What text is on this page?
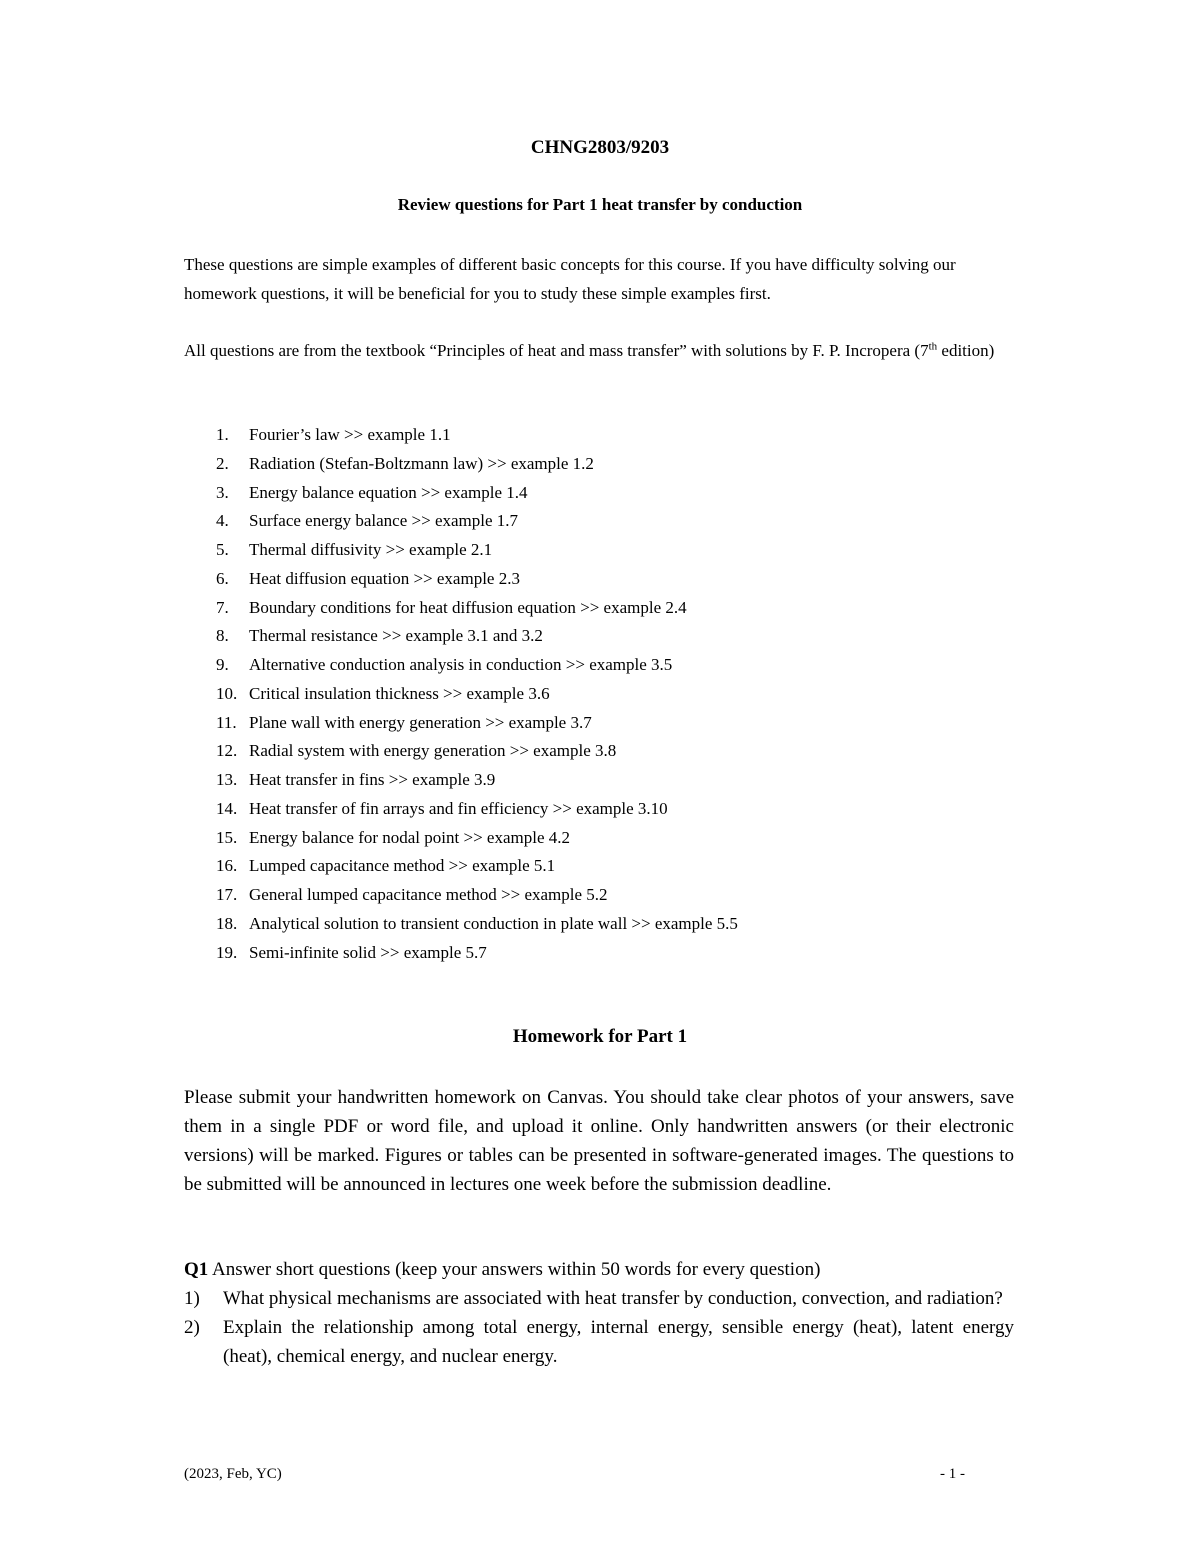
CHNG2803/9203
Review questions for Part 1 heat transfer by conduction

These questions are simple examples of different basic concepts for this course. If you have difficulty solving our homework questions, it will be beneficial for you to study these simple examples first.

All questions are from the textbook “Principles of heat and mass transfer” with solutions by F. P. Incropera (7th edition)

1. Fourier’s law >> example 1.1
2. Radiation (Stefan-Boltzmann law) >> example 1.2
3. Energy balance equation >> example 1.4
4. Surface energy balance >> example 1.7
5. Thermal diffusivity >> example 2.1
6. Heat diffusion equation >> example 2.3
7. Boundary conditions for heat diffusion equation >> example 2.4
8. Thermal resistance >> example 3.1 and 3.2
9. Alternative conduction analysis in conduction >> example 3.5
10. Critical insulation thickness >> example 3.6
11. Plane wall with energy generation >> example 3.7
12. Radial system with energy generation >> example 3.8
13. Heat transfer in fins >> example 3.9
14. Heat transfer of fin arrays and fin efficiency >> example 3.10
15. Energy balance for nodal point >> example 4.2
16. Lumped capacitance method >> example 5.1
17. General lumped capacitance method >> example 5.2
18. Analytical solution to transient conduction in plate wall >> example 5.5
19. Semi-infinite solid >> example 5.7
Homework for Part 1

Please submit your handwritten homework on Canvas. You should take clear photos of your answers, save them in a single PDF or word file, and upload it online. Only handwritten answers (or their electronic versions) will be marked. Figures or tables can be presented in software-generated images. The questions to be submitted will be announced in lectures one week before the submission deadline.

Q1 Answer short questions (keep your answers within 50 words for every question)
1)	What physical mechanisms are associated with heat transfer by conduction, convection, and radiation?
2)	Explain the relationship among total energy, internal energy, sensible energy (heat), latent energy (heat), chemical energy, and nuclear energy.
(2023, Feb, YC)	- 1 -
